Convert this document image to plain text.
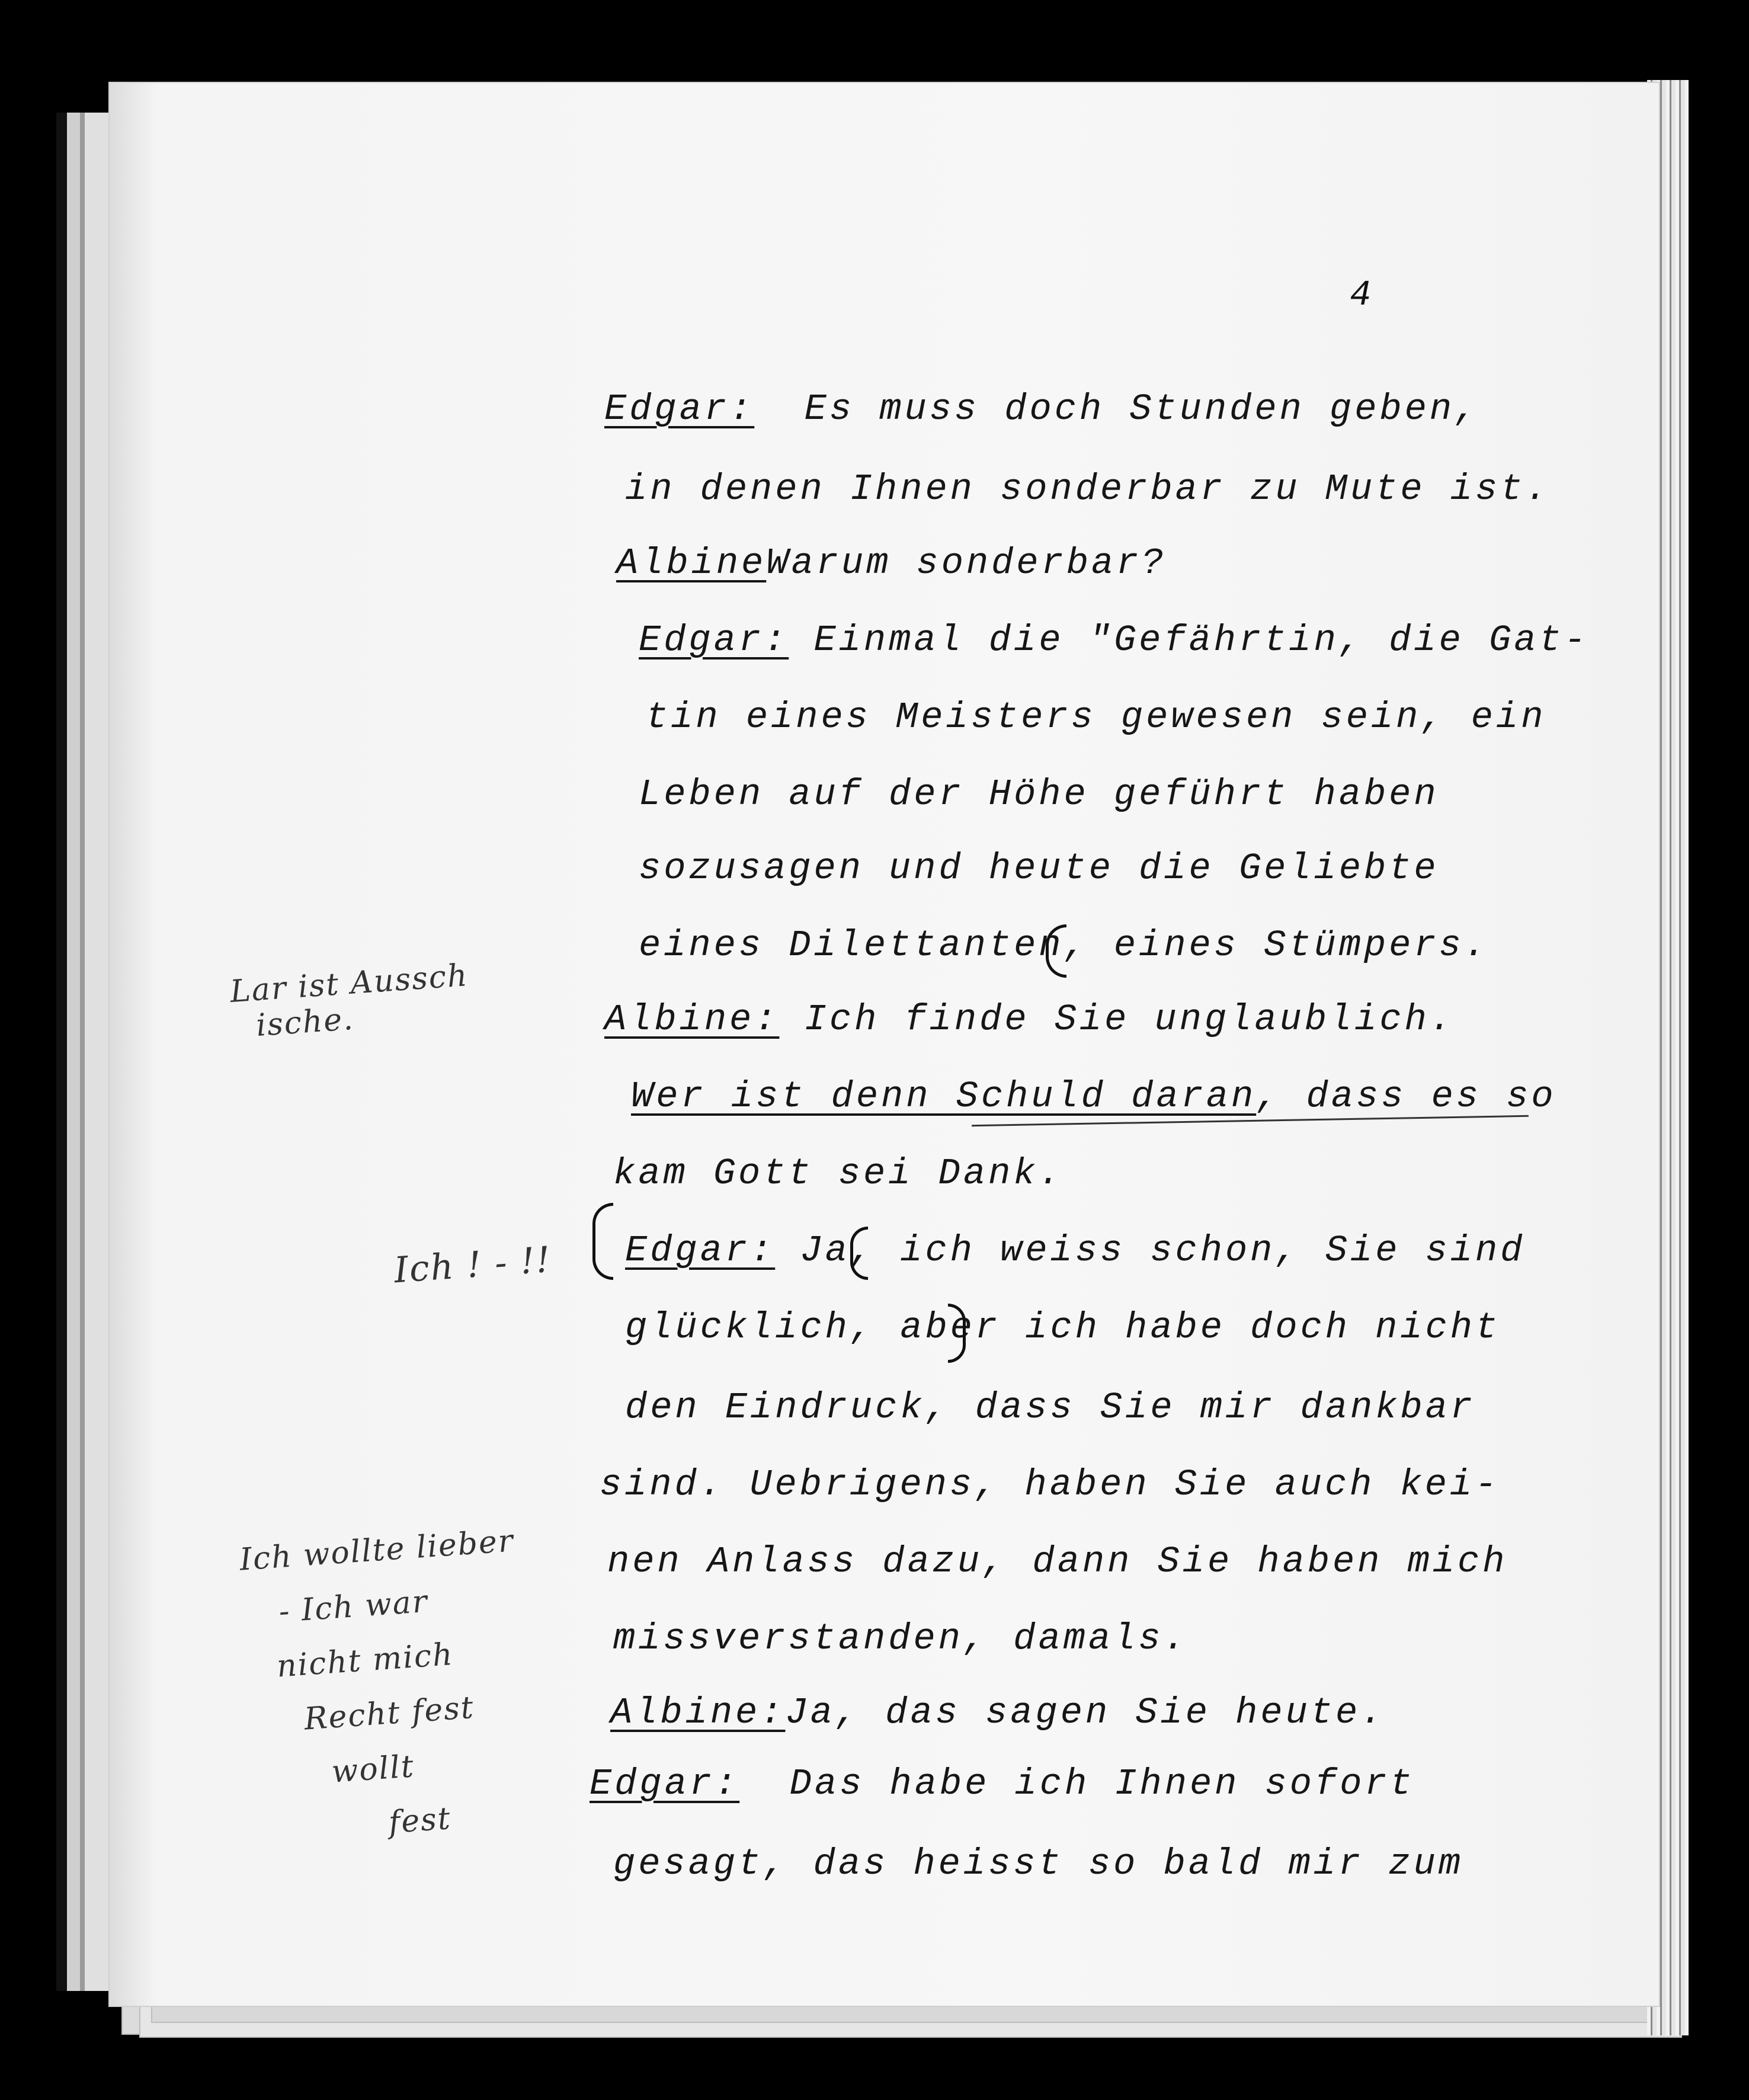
4
Edgar: Es muss doch Stunden geben,
in denen Ihnen sonderbar zu Mute ist.
AlbineWarum sonderbar?
Edgar: Einmal die "Gefährtin, die Gat-
tin eines Meisters gewesen sein, ein
Leben auf der Höhe geführt haben
sozusagen und heute die Geliebte
eines Dilettanten, eines Stümpers.
Albine: Ich finde Sie unglaublich.
Wer ist denn Schuld daran, dass es so
kam Gott sei Dank.
Edgar: Ja, ich weiss schon, Sie sind
glücklich, aber ich habe doch nicht
den Eindruck, dass Sie mir dankbar
sind. Uebrigens, haben Sie auch kei-
nen Anlass dazu, dann Sie haben mich
missverstanden, damals.
Albine:Ja, das sagen Sie heute.
Edgar: Das habe ich Ihnen sofort
gesagt, das heisst so bald mir zum
Lar ist Aussch
ische.
Ich ! - !!
Ich wollte lieber
- Ich war
nicht mich
Recht fest
wollt
fest
